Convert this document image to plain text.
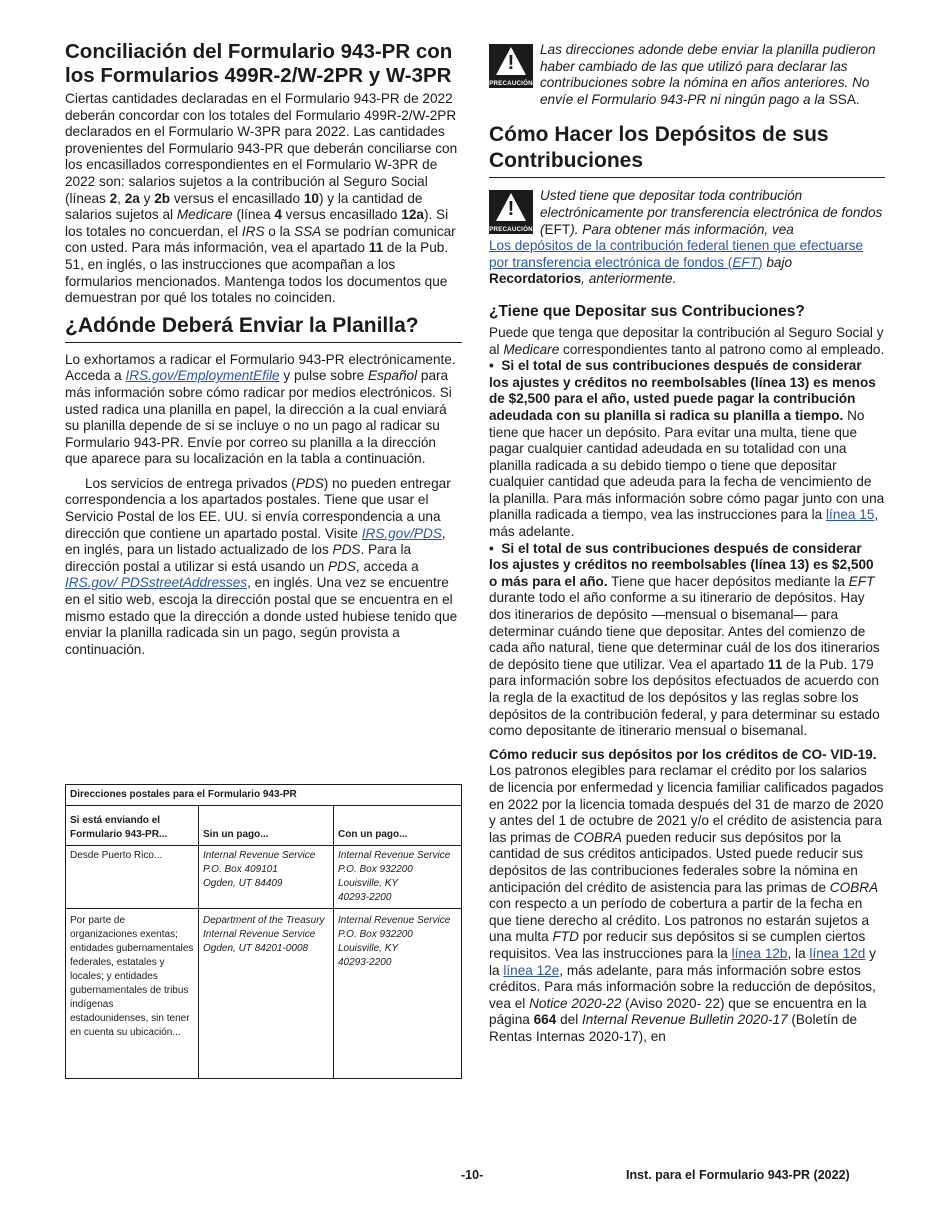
Conciliación del Formulario 943-PR con los Formularios 499R-2/W-2PR y W-3PR

Ciertas cantidades declaradas en el Formulario 943-PR de 2022 deberán concordar con los totales del Formulario 499R-2/W-2PR declarados en el Formulario W-3PR para 2022. Las cantidades provenientes del Formulario 943-PR que deberán conciliarse con los encasillados correspondientes en el Formulario W-3PR de 2022 son: salarios sujetos a la contribución al Seguro Social (líneas 2, 2a y 2b versus el encasillado 10) y la cantidad de salarios sujetos al Medicare (línea 4 versus encasillado 12a). Si los totales no concuerdan, el IRS o la SSA se podrían comunicar con usted. Para más información, vea el apartado 11 de la Pub. 51, en inglés, o las instrucciones que acompañan a los formularios mencionados. Mantenga todos los documentos que demuestran por qué los totales no coinciden.

¿Adónde Deberá Enviar la Planilla?

Lo exhortamos a radicar el Formulario 943-PR electrónicamente. Acceda a IRS.gov/EmploymentEfile y pulse sobre Español para más información sobre cómo radicar por medios electrónicos. Si usted radica una planilla en papel, la dirección a la cual enviará su planilla depende de si se incluye o no un pago al radicar su Formulario 943-PR. Envíe por correo su planilla a la dirección que aparece para su localización en la tabla a continuación.

Los servicios de entrega privados (PDS) no pueden entregar correspondencia a los apartados postales. Tiene que usar el Servicio Postal de los EE. UU. si envía correspondencia a una dirección que contiene un apartado postal. Visite IRS.gov/PDS, en inglés, para un listado actualizado de los PDS. Para la dirección postal a utilizar si está usando un PDS, acceda a IRS.gov/ PDSstreetAddresses, en inglés. Una vez se encuentre en el sitio web, escoja la dirección postal que se encuentra en el mismo estado que la dirección a donde usted hubiese tenido que enviar la planilla radicada sin un pago, según provista a continuación.

Direcciones postales para el Formulario 943-PR		
Si está enviando el Formulario 943-PR...	Sin un pago...	Con un pago...
Desde Puerto Rico...	Internal Revenue Service
P.O. Box 409101
Ogden, UT 84409	Internal Revenue Service
P.O. Box 932200
Louisville, KY
40293-2200
Por parte de organizaciones exentas; entidades gubernamentales federales, estatales y locales; y entidades gubernamentales de tribus indígenas estadounidenses, sin tener en cuenta su ubicación...	Department of the Treasury
Internal Revenue Service
Ogden, UT 84201-0008	Internal Revenue Service
P.O. Box 932200
Louisville, KY
40293-2200
!
PRECAUCIÓN

Las direcciones adonde debe enviar la planilla pudieron haber cambiado de las que utilizó para declarar las contribuciones sobre la nómina en años anteriores. No envíe el Formulario 943-PR ni ningún pago a la SSA.

Cómo Hacer los Depósitos de sus Contribuciones
!
PRECAUCIÓN

Usted tiene que depositar toda contribución electrónicamente por transferencia electrónica de fondos (EFT). Para obtener más información, vea

Los depósitos de la contribución federal tienen que efectuarse por transferencia electrónica de fondos (EFT) bajo Recordatorios, anteriormente.

¿Tiene que Depositar sus Contribuciones?

Puede que tenga que depositar la contribución al Seguro Social y al Medicare correspondientes tanto al patrono como al empleado.

•  Si el total de sus contribuciones después de considerar los ajustes y créditos no reembolsables (línea 13) es menos de $2,500 para el año, usted puede pagar la contribución adeudada con su planilla si radica su planilla a tiempo. No tiene que hacer un depósito. Para evitar una multa, tiene que pagar cualquier cantidad adeudada en su totalidad con una planilla radicada a su debido tiempo o tiene que depositar cualquier cantidad que adeuda para la fecha de vencimiento de la planilla. Para más información sobre cómo pagar junto con una planilla radicada a tiempo, vea las instrucciones para la línea 15, más adelante.

•  Si el total de sus contribuciones después de considerar los ajustes y créditos no reembolsables (línea 13) es $2,500 o más para el año. Tiene que hacer depósitos mediante la EFT durante todo el año conforme a su itinerario de depósitos. Hay dos itinerarios de depósito —mensual o bisemanal— para determinar cuándo tiene que depositar. Antes del comienzo de cada año natural, tiene que determinar cuál de los dos itinerarios de depósito tiene que utilizar. Vea el apartado 11 de la Pub. 179 para información sobre los depósitos efectuados de acuerdo con la regla de la exactitud de los depósitos y las reglas sobre los depósitos de la contribución federal, y para determinar su estado como depositante de itinerario mensual o bisemanal.

Cómo reducir sus depósitos por los créditos de CO- VID-19. Los patronos elegibles para reclamar el crédito por los salarios de licencia por enfermedad y licencia familiar calificados pagados en 2022 por la licencia tomada después del 31 de marzo de 2020 y antes del 1 de octubre de 2021 y/o el crédito de asistencia para las primas de COBRA pueden reducir sus depósitos por la cantidad de sus créditos anticipados. Usted puede reducir sus depósitos de las contribuciones federales sobre la nómina en anticipación del crédito de asistencia para las primas de COBRA con respecto a un período de cobertura a partir de la fecha en que tiene derecho al crédito. Los patronos no estarán sujetos a una multa FTD por reducir sus depósitos si se cumplen ciertos requisitos. Vea las instrucciones para la línea 12b, la línea 12d y la línea 12e, más adelante, para más información sobre estos créditos. Para más información sobre la reducción de depósitos, vea el Notice 2020-22 (Aviso 2020- 22) que se encuentra en la página 664 del Internal Revenue Bulletin 2020-17 (Boletín de Rentas Internas 2020-17), en

-10-	Inst. para el Formulario 943-PR (2022)
